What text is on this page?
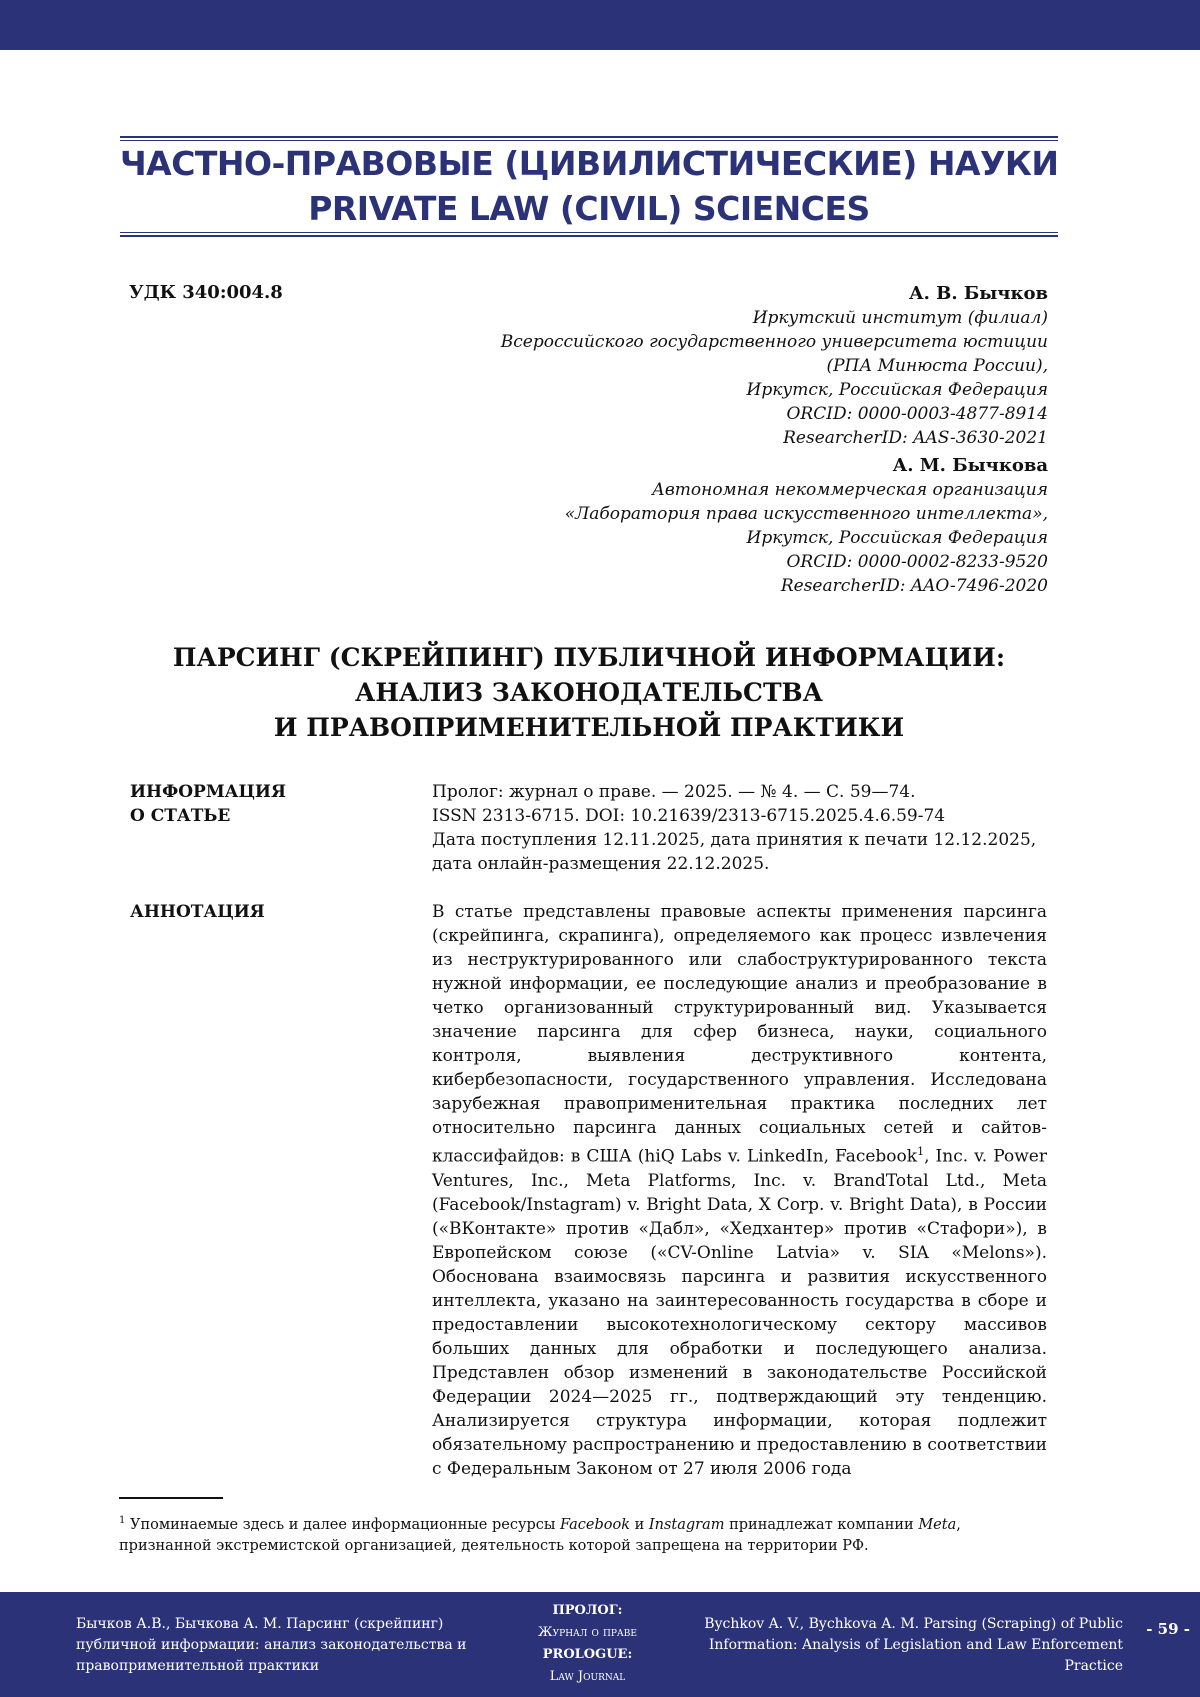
ЧАСТНО-ПРАВОВЫЕ (ЦИВИЛИСТИЧЕСКИЕ) НАУКИ
PRIVATE LAW (CIVIL) SCIENCES
УДК 340:004.8	А. В. Бычков
Иркутский институт (филиал)
Всероссийского государственного университета юстиции
(РПА Минюста России),
Иркутск, Российская Федерация
ORCID: 0000-0003-4877-8914
ResearcherID: AAS-3630-2021
А. М. Бычкова
Автономная некоммерческая организация
«Лаборатория права искусственного интеллекта»,
Иркутск, Российская Федерация
ORCID: 0000-0002-8233-9520
ResearcherID: AAO-7496-2020
ПАРСИНГ (СКРЕЙПИНГ) ПУБЛИЧНОЙ ИНФОРМАЦИИ:
АНАЛИЗ ЗАКОНОДАТЕЛЬСТВА
И ПРАВОПРИМЕНИТЕЛЬНОЙ ПРАКТИКИ
ИНФОРМАЦИЯ
О СТАТЬЕ
Пролог: журнал о праве. — 2025. — № 4. — С. 59—74.
ISSN 2313-6715. DOI: 10.21639/2313-6715.2025.4.6.59-74
Дата поступления 12.11.2025, дата принятия к печати 12.12.2025,
дата онлайн-размещения 22.12.2025.
АННОТАЦИЯ	В статье представлены правовые аспекты применения парсинга (скрейпинга, скрапинга), определяемого как процесс извлечения из неструктурированного или слабоструктурированного текста нужной информации, ее последующие анализ и преобразование в четко организованный структурированный вид. Указывается значение парсинга для сфер бизнеса, науки, социального контроля, выявления деструктивного контента, кибербезопасности, государственного управления. Исследована зарубежная правоприменительная практика последних лет относительно парсинга данных социальных сетей и сайтов-классифайдов: в США (hiQ Labs v. LinkedIn, Facebook$^1$, Inc. v. Power Ventures, Inc., Meta Platforms, Inc. v. BrandTotal Ltd., Meta (Facebook/Instagram) v. Bright Data, X Corp. v. Bright Data), в России («ВКонтакте» против «Дабл», «Хедхантер» против «Стафори»), в Европейском союзе («CV-Online Latvia» v. SIA «Melons»). Обоснована взаимосвязь парсинга и развития искусственного интеллекта, указано на заинтересованность государства в сборе и предоставлении высокотехнологическому сектору массивов больших данных для обработки и последующего анализа. Представлен обзор изменений в законодательстве Российской Федерации 2024—2025 гг., подтверждающий эту тенденцию. Анализируется структура информации, которая подлежит обязательному распространению и предоставлению в соответствии с Федеральным Законом от 27 июля 2006 года
$^1$ Упоминаемые здесь и далее информационные ресурсы Facebook и Instagram принадлежат компании Meta, признанной экстремистской организацией, деятельность которой запрещена на территории РФ.
Бычков А.В., Бычкова А. М. Парсинг (скрейпинг) публичной информации: анализ законодательства и правоприменительной практики
ПРОЛОГ:
Журнал о праве
PROLOGUE:
Law Journal
Bychkov A. V., Bychkova A. M. Parsing (Scraping) of Public Information: Analysis of Legislation and Law Enforcement Practice
- 59 -
